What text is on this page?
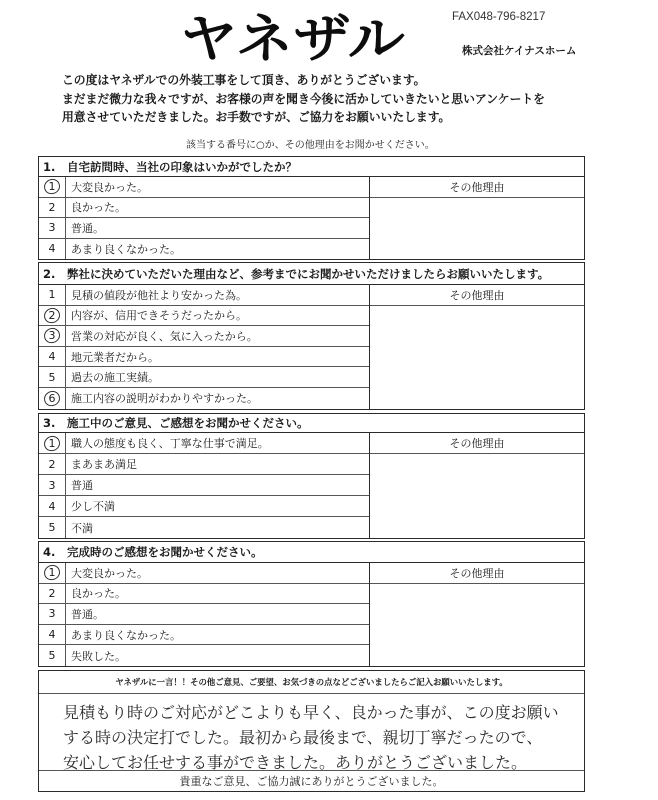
ヤネザル	FAX048-796-8217
株式会社ケイナスホーム
この度はヤネザルでの外装工事をして頂き、ありがとうございます。
まだまだ微力な我々ですが、お客様の声を聞き今後に活かしていきたいと思いアンケートを
用意させていただきました。お手数ですが、ご協力をお願いいたします。
該当する番号に○か、その他理由をお聞かせください。
1.	自宅訪問時、当社の印象はいかがでしたか？
1	大変良かった。
2	良かった。
3	普通。
4	あまり良くなかった。
その他理由
2.	弊社に決めていただいた理由など、参考までにお聞かせいただけましたらお願いいたします。
1	見積の値段が他社より安かった為。
2	内容が、信用できそうだったから。
3	営業の対応が良く、気に入ったから。
4	地元業者だから。
5	過去の施工実績。
6	施工内容の説明がわかりやすかった。
その他理由
3.	施工中のご意見、ご感想をお聞かせください。
1	職人の態度も良く、丁寧な仕事で満足。
2	まあまあ満足
3	普通
4	少し不満
5	不満
その他理由
4.	完成時のご感想をお聞かせください。
1	大変良かった。
2	良かった。
3	普通。
4	あまり良くなかった。
5	失敗した。
その他理由
ヤネザルに一言！！その他ご意見、ご要望、お気づきの点などございましたらご記入お願いいたします。
見積もり時のご対応がどこよりも早く、良かった事が、この度お願い
する時の決定打でした。最初から最後まで、親切丁寧だったので、
安心してお任せする事ができました。ありがとうございました。
貴重なご意見、ご協力誠にありがとうございました。
